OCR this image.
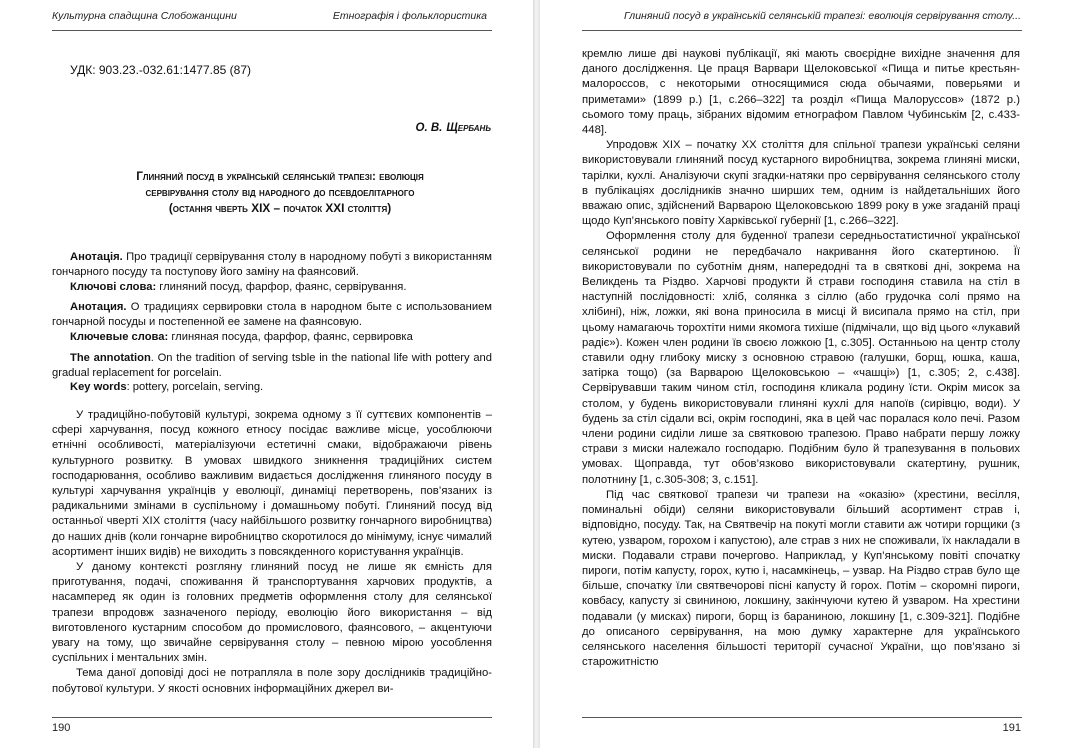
Культурна спадщина Слобожанщини	Етнографія і фольклористика
УДК: 903.23.-032.61:1477.85 (87)
О. В. Щербань
Глиняний посуд в українській селянській трапезі: еволюція
сервірування столу від народного до псевдоелітарного
(остання чверть XIX – початок XXI століття)

Анотація. Про традиції сервірування столу в народному побуті з використанням гончарного посуду та поступову його заміну на фаянсовий.

Ключові слова: глиняний посуд, фарфор, фаянс, сервірування.

Анотация. О традициях сервировки стола в народном быте с использованием гончарной посуды и постепенной ее замене на фаянсовую.

Ключевые слова: глиняная посуда, фарфор, фаянс, сервировка

The annotation. On the tradition of serving tsble in the national life with pottery and gradual replacement for porcelain.

Key words: pottery, porcelain, serving.

У традиційно-побутовій культурі, зокрема одному з її суттєвих компонентів – сфері харчування, посуд кожного етносу посідає важливе місце, уособлюючи етнічні особливості, матеріалізуючи естетичні смаки, відображаючи рівень культурного розвитку. В умовах швидкого зникнення традиційних систем господарювання, особливо важливим видається дослідження глиняного посуду в культурі харчування українців у еволюції, динаміці перетворень, пов’язаних із радикальними змінами в суспільному і домашньому побуті. Глиняний посуд від останньої чверті XIX століття (часу найбільшого розвитку гончарного виробництва) до наших днів (коли гончарне виробництво скоротилося до мінімуму, існує чималий асортимент інших видів) не виходить з повсякденного користування українців.

У даному контексті розгляну глиняний посуд не лише як ємність для приготування, подачі, споживання й транспортування харчових продуктів, а насамперед як один із головних предметів оформлення столу для селянської трапези впродовж зазначеного періоду, еволюцію його використання – від виготовленого кустарним способом до промислового, фаянсового, – акцентуючи увагу на тому, що звичайне сервірування столу – певною мірою уособлення суспільних і ментальних змін.

Тема даної доповіді досі не потрапляла в поле зору дослідників традиційно-побутової культури. У якості основних інформаційних джерел ви-

190
Глиняний посуд в українській селянській трапезі: еволюція сервірування столу...

кремлю лише дві наукові публікації, які мають своєрідне вихідне значення для даного дослідження. Це праця Варвари Щелоковської «Пища и питье крестьян-малороссов, с некоторыми относящимися сюда обычаями, поверьями и приметами» (1899 р.) [1, с.266–322] та розділ «Пища Малоруссов» (1872 р.) сьомого тому праць, зібраних відомим етнографом Павлом Чубинськім [2, с.433-448].

Упродовж XIX – початку XX століття для спільної трапези українські селяни використовували глиняний посуд кустарного виробництва, зокрема глиняні миски, тарілки, кухлі. Аналізуючи скупі згадки-натяки про сервірування селянського столу в публікаціях дослідників значно ширших тем, одним із найдетальніших його вважаю опис, здійснений Варварою Щелоковською 1899 року в уже згаданій праці щодо Куп’янського повіту Харківської губернії [1, с.266–322].

Оформлення столу для буденної трапези середньостатистичної української селянської родини не передбачало накривання його скатертиною. Її використовували по суботнім дням, напередодні та в святкові дні, зокрема на Великдень та Різдво. Харчові продукти й страви господиня ставила на стіл в наступній послідовності: хліб, солянка з сіллю (або грудочка солі прямо на хлібині), ніж, ложки, які вона приносила в мисці й висипала прямо на стіл, при цьому намагаючь торохтіти ними якомога тихіше (підмічали, що від цього «лукавий радіє»). Кожен член родини їв своєю ложкою [1, с.305]. Останньою на центр столу ставили одну глибоку миску з основною стравою (галушки, борщ, юшка, каша, затірка тощо) (за Варварою Щелоковською – «чашці») [1, с.305; 2, с.438]. Сервірувавши таким чином стіл, господиня кликала родину їсти. Окрім мисок за столом, у будень використовували глиняні кухлі для напоїв (сирівцю, води). У будень за стіл сідали всі, окрім господині, яка в цей час поралася коло печі. Разом члени родини сиділи лише за святковою трапезою. Право набрати першу ложку страви з миски належало господарю. Подібним було й трапезування в польових умовах. Щоправда, тут обов’язково використовували скатертину, рушник, полотнину [1, с.305-308; 3, с.151].

Під час святкової трапези чи трапези на «оказію» (хрестини, весілля, поминальні обіди) селяни використовували більший асортимент страв і, відповідно, посуду. Так, на Святвечір на покуті могли ставити аж чотири горщики (з кутею, узваром, горохом і капустою), але страв з них не споживали, їх накладали в миски. Подавали страви почергово. Наприклад, у Куп’янському повіті спочатку пироги, потім капусту, горох, кутю і, насамкінець, – узвар. На Різдво страв було ще більше, спочатку їли святвечорові пісні капусту й горох. Потім – скоромні пироги, ковбасу, капусту зі свининою, локшину, закінчуючи кутею й узваром. На хрестини подавали (у мисках) пироги, борщ із бараниною, локшину [1, с.309-321]. Подібне до описаного сервірування, на мою думку характерне для українського селянського населення більшості території сучасної України, що пов’язано зі старожитністю

191
